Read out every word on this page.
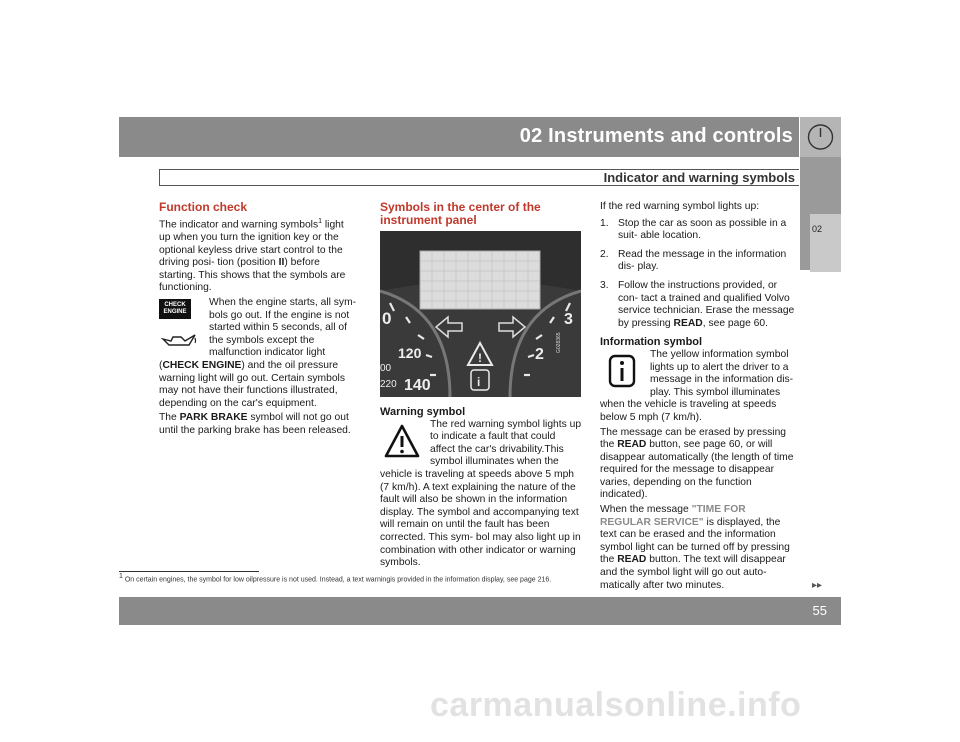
02 Instruments and controls
Indicator and warning symbols
02
Function check

The indicator and warning symbols$^1$ light up when you turn the ignition key or the optional keyless drive start control to the driving posi- tion (position II) before starting. This shows that the symbols are functioning.

CHECK ENGINE

When the engine starts, all sym- bols go out. If the engine is not started within 5 seconds, all of the symbols except the malfunction indicator light (CHECK ENGINE) and the oil pressure warning light will go out. Certain symbols may not have their functions illustrated, depending on the car's equipment.

The PARK BRAKE symbol will not go out until the parking brake has been released.

Symbols in the center of the instrument panel
!
i
0
120
00
220 140
3
2
G028365
Warning symbol

The red warning symbol lights up to indicate a fault that could affect the car's drivability.This symbol illuminates when the vehicle is traveling at speeds above 5 mph (7 km/h). A text explaining the nature of the fault will also be shown in the information display. The symbol and accompanying text will remain on until the fault has been corrected. This sym- bol may also light up in combination with other indicator or warning symbols.

If the red warning symbol lights up:

1. Stop the car as soon as possible in a suit- able location.
2. Read the message in the information dis- play.
3. Follow the instructions provided, or con- tact a trained and qualified Volvo service technician. Erase the message by pressing READ, see page 60.
Information symbol

The yellow information symbol lights up to alert the driver to a message in the information dis- play. This symbol illuminates when the vehicle is traveling at speeds below 5 mph (7 km/h).

The message can be erased by pressing the READ button, see page 60, or will disappear automatically (the length of time required for the message to disappear varies, depending on the function indicated).

When the message "TIME FOR REGULAR SERVICE" is displayed, the text can be erased and the information symbol light can be turned off by pressing the READ button. The text will disappear and the symbol light will go out auto- matically after two minutes.

$^1$ On certain engines, the symbol for low oilpressure is not used. Instead, a text warningis provided in the information display, see page 216.
▸▸
55
carmanualsonline.info
